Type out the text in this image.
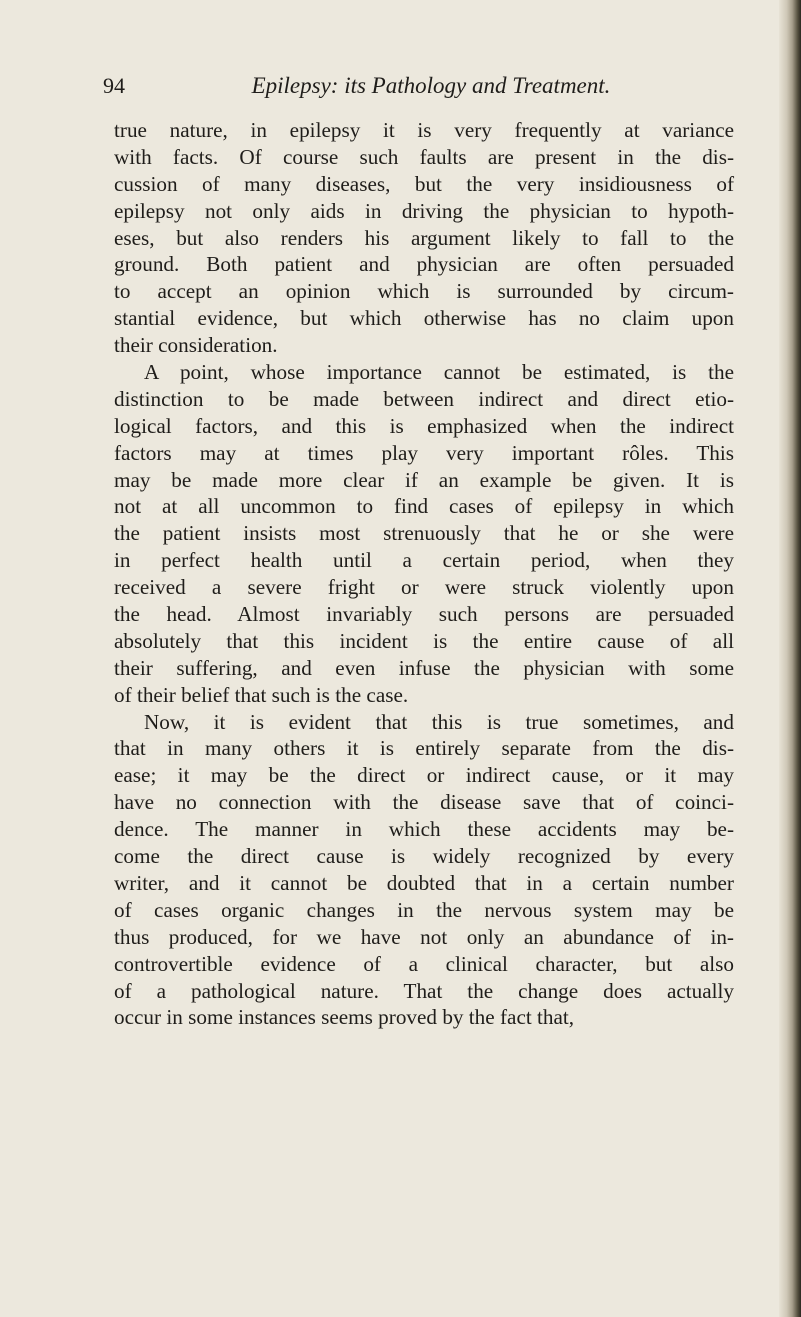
94	Epilepsy: its Pathology and Treatment.
true nature, in epilepsy it is very frequently at variance
with facts. Of course such faults are present in the dis-
cussion of many diseases, but the very insidiousness of
epilepsy not only aids in driving the physician to hypoth-
eses, but also renders his argument likely to fall to the
ground. Both patient and physician are often persuaded
to accept an opinion which is surrounded by circum-
stantial evidence, but which otherwise has no claim upon
their consideration.
A point, whose importance cannot be estimated, is the
distinction to be made between indirect and direct etio-
logical factors, and this is emphasized when the indirect
factors may at times play very important rôles. This
may be made more clear if an example be given. It is
not at all uncommon to find cases of epilepsy in which
the patient insists most strenuously that he or she were
in perfect health until a certain period, when they
received a severe fright or were struck violently upon
the head. Almost invariably such persons are persuaded
absolutely that this incident is the entire cause of all
their suffering, and even infuse the physician with some
of their belief that such is the case.
Now, it is evident that this is true sometimes, and
that in many others it is entirely separate from the dis-
ease; it may be the direct or indirect cause, or it may
have no connection with the disease save that of coinci-
dence. The manner in which these accidents may be-
come the direct cause is widely recognized by every
writer, and it cannot be doubted that in a certain number
of cases organic changes in the nervous system may be
thus produced, for we have not only an abundance of in-
controvertible evidence of a clinical character, but also
of a pathological nature. That the change does actually
occur in some instances seems proved by the fact that,
